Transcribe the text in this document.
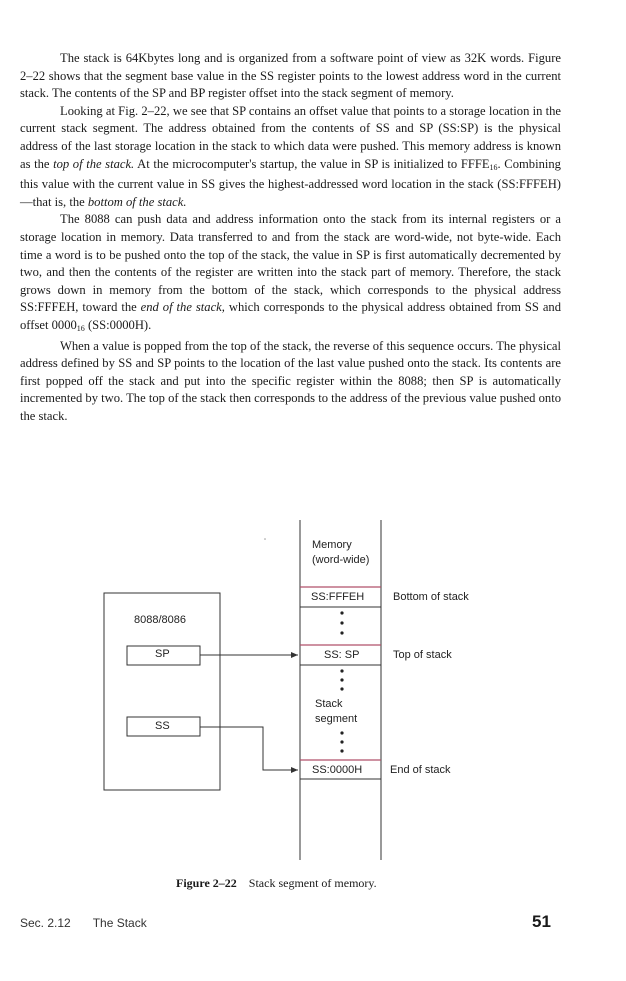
The stack is 64Kbytes long and is organized from a software point of view as 32K words. Figure 2–22 shows that the segment base value in the SS register points to the lowest address word in the current stack. The contents of the SP and BP register offset into the stack segment of memory.

Looking at Fig. 2–22, we see that SP contains an offset value that points to a storage location in the current stack segment. The address obtained from the contents of SS and SP (SS:SP) is the physical address of the last storage location in the stack to which data were pushed. This memory address is known as the top of the stack. At the microcomputer's startup, the value in SP is initialized to $FFFE_{16}$. Combining this value with the current value in SS gives the highest-addressed word location in the stack (SS:FFFEH)—that is, the bottom of the stack.

The 8088 can push data and address information onto the stack from its internal registers or a storage location in memory. Data transferred to and from the stack are word-wide, not byte-wide. Each time a word is to be pushed onto the top of the stack, the value in SP is first automatically decremented by two, and then the contents of the register are written into the stack part of memory. Therefore, the stack grows down in memory from the bottom of the stack, which corresponds to the physical address SS:FFFEH, toward the end of the stack, which corresponds to the physical address obtained from SS and offset $0000_{16}$ (SS:0000H).

When a value is popped from the top of the stack, the reverse of this sequence occurs. The physical address defined by SS and SP points to the location of the last value pushed onto the stack. Its contents are first popped off the stack and put into the specific register within the 8088; then SP is automatically incremented by two. The top of the stack then corresponds to the address of the previous value pushed onto the stack.

Memory
(word-wide)
8088/8086
SP
SS
SS:FFFEH
SS: SP
Stack
segment
SS:0000H
Bottom of stack
Top of stack
End of stack
Figure 2–22 Stack segment of memory.
Sec. 2.12 The Stack	51
